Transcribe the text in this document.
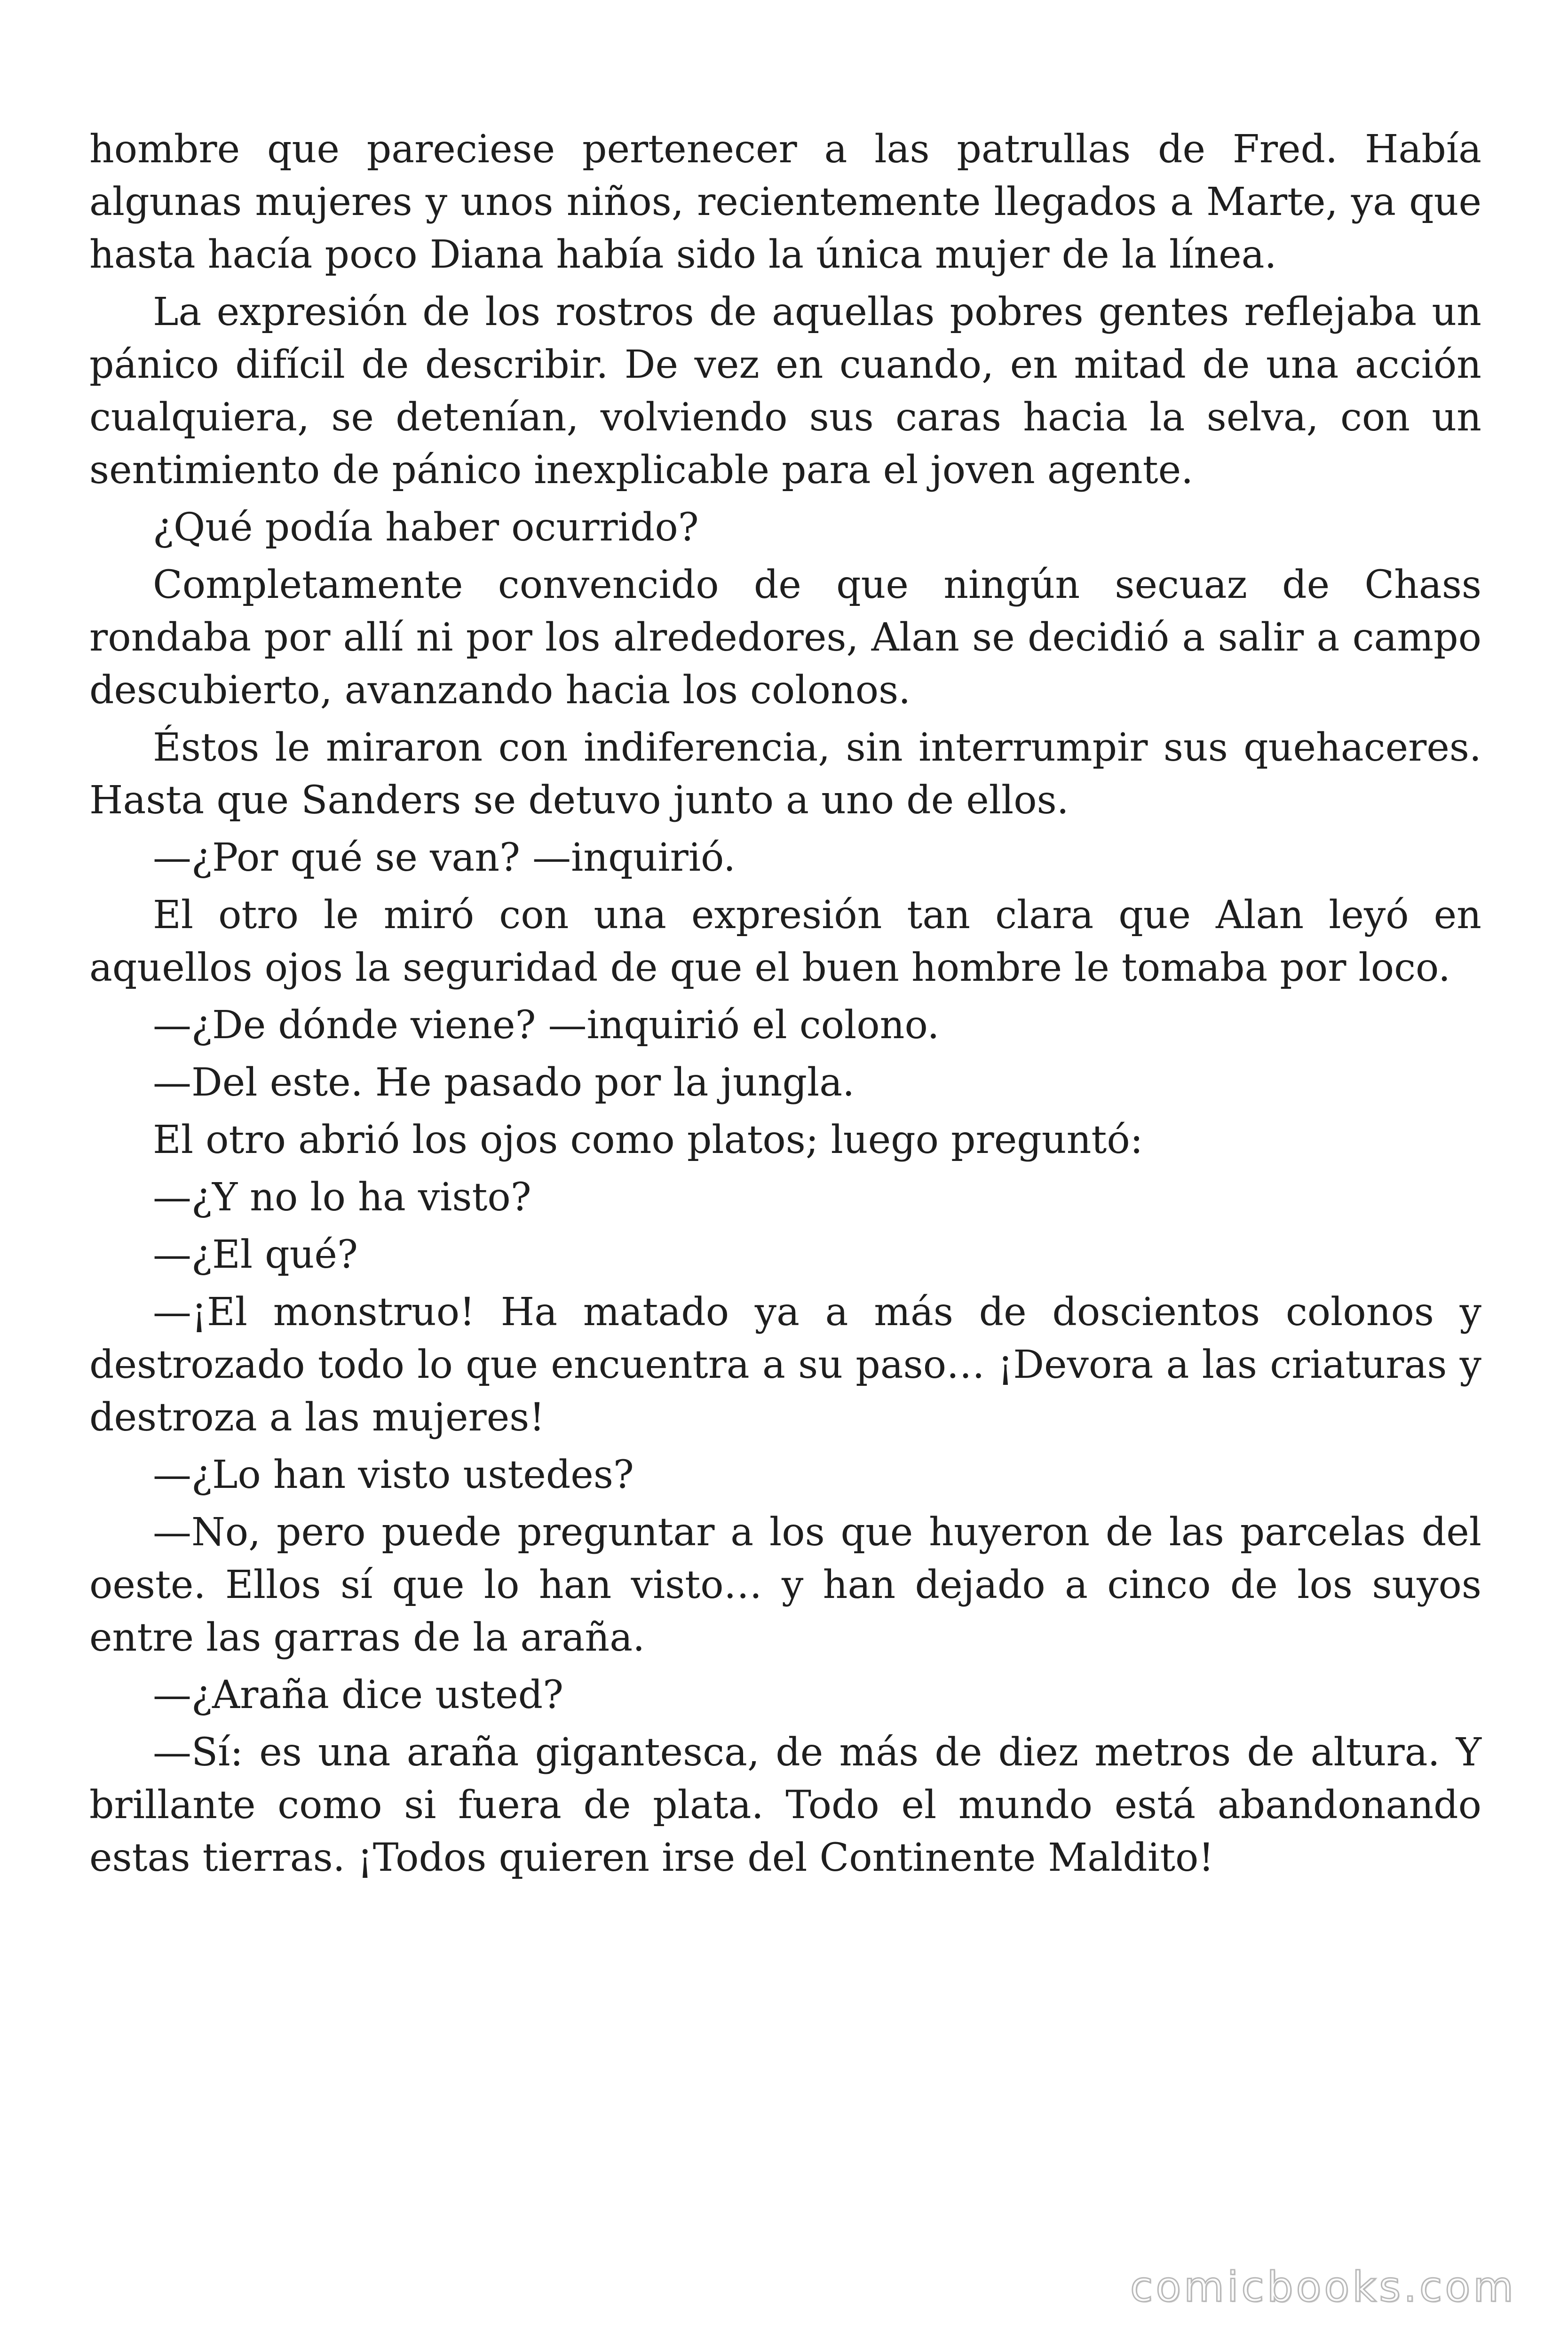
hombre que pareciese pertenecer a las patrullas de Fred. Había algunas mujeres y unos niños, recientemente llegados a Marte, ya que hasta hacía poco Diana había sido la única mujer de la línea.

La expresión de los rostros de aquellas pobres gentes reflejaba un pánico difícil de describir. De vez en cuando, en mitad de una acción cualquiera, se detenían, volviendo sus caras hacia la selva, con un sentimiento de pánico inexplicable para el joven agente.

¿Qué podía haber ocurrido?

Completamente convencido de que ningún secuaz de Chass rondaba por allí ni por los alrededores, Alan se decidió a salir a campo descubierto, avanzando hacia los colonos.

Éstos le miraron con indiferencia, sin interrumpir sus quehaceres. Hasta que Sanders se detuvo junto a uno de ellos.

—¿Por qué se van? —inquirió.

El otro le miró con una expresión tan clara que Alan leyó en aquellos ojos la seguridad de que el buen hombre le tomaba por loco.

—¿De dónde viene? —inquirió el colono.

—Del este. He pasado por la jungla.

El otro abrió los ojos como platos; luego preguntó:

—¿Y no lo ha visto?

—¿El qué?

—¡El monstruo! Ha matado ya a más de doscientos colonos y destrozado todo lo que encuentra a su paso… ¡Devora a las criaturas y destroza a las mujeres!

—¿Lo han visto ustedes?

—No, pero puede preguntar a los que huyeron de las parcelas del oeste. Ellos sí que lo han visto… y han dejado a cinco de los suyos entre las garras de la araña.

—¿Araña dice usted?

—Sí: es una araña gigantesca, de más de diez metros de altura. Y brillante como si fuera de plata. Todo el mundo está abandonando estas tierras. ¡Todos quieren irse del Continente Maldito!

comicbooks.com
